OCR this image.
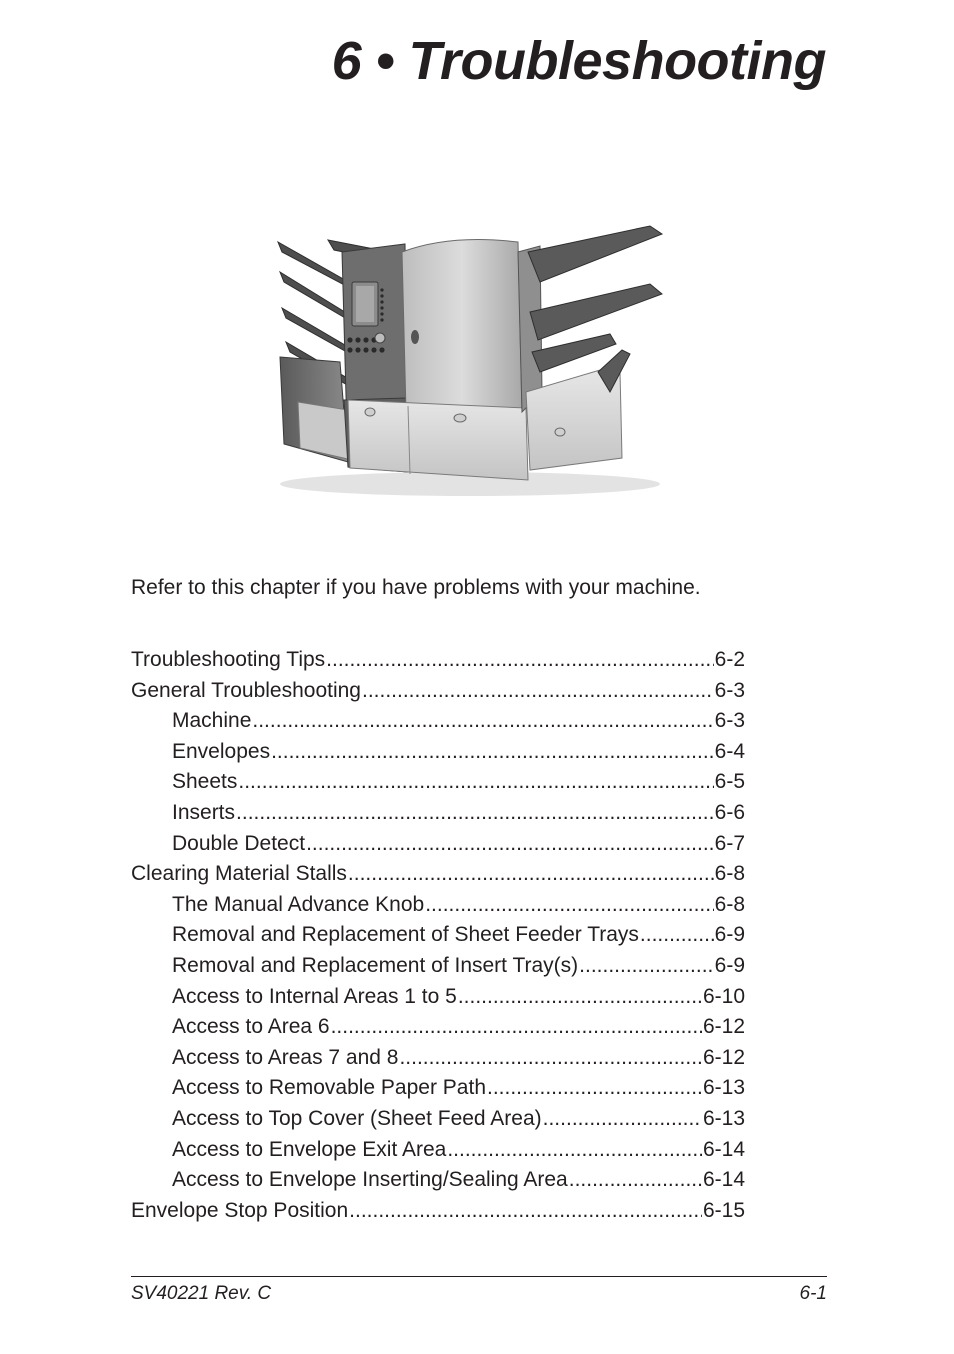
6 • Troubleshooting

Refer to this chapter if you have problems with your machine.

Troubleshooting Tips .....	6-2
General Troubleshooting .....	6-3
Machine .....	6-3
Envelopes .....	6-4
Sheets .....	6-5
Inserts .....	6-6
Double Detect .....	6-7
Clearing Material Stalls .....	6-8
The Manual Advance Knob .....	6-8
Removal and Replacement of Sheet Feeder Trays .....	6-9
Removal and Replacement of Insert Tray(s) .....	6-9
Access to Internal Areas 1 to 5 .....	6-10
Access to Area 6 .....	6-12
Access to Areas 7 and 8 .....	6-12
Access to Removable Paper Path .....	6-13
Access to Top Cover (Sheet Feed Area) .....	6-13
Access to Envelope Exit Area .....	6-14
Access to Envelope Inserting/Sealing Area .....	6-14
Envelope Stop Position .....	6-15
SV40221 Rev. C	6-1
